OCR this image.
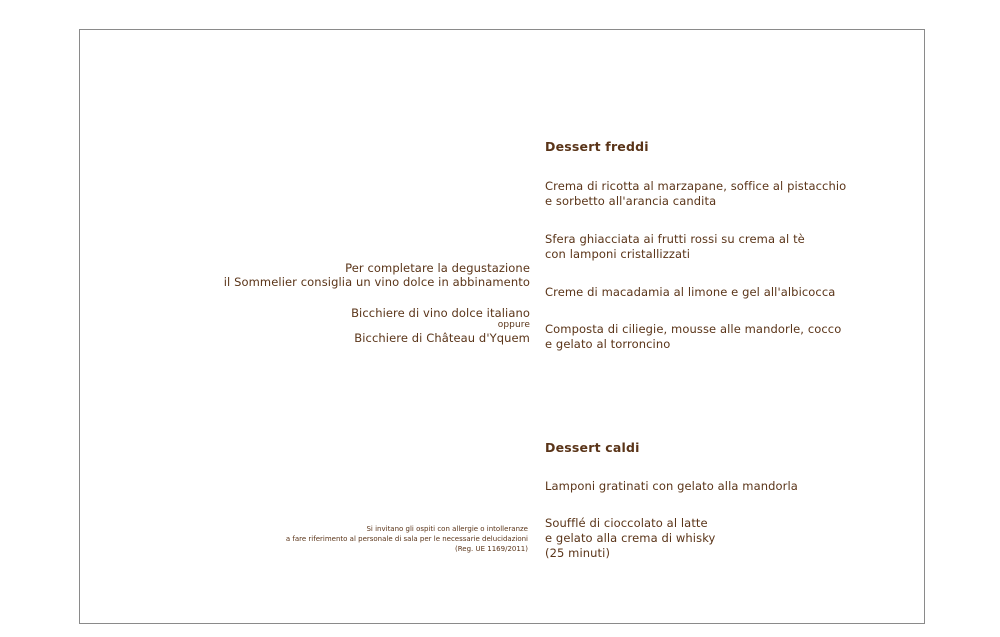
Per completare la degustazione
il Sommelier consiglia un vino dolce in abbinamento
Bicchiere di vino dolce italiano
oppure
Bicchiere di Château d'Yquem
Si invitano gli ospiti con allergie o intolleranze
a fare riferimento al personale di sala per le necessarie delucidazioni
(Reg. UE 1169/2011)
Dessert freddi
Crema di ricotta al marzapane, soffice al pistacchio
e sorbetto all'arancia candita
Sfera ghiacciata ai frutti rossi su crema al tè
con lamponi cristallizzati
Creme di macadamia al limone e gel all'albicocca
Composta di ciliegie, mousse alle mandorle, cocco
e gelato al torroncino
Dessert caldi
Lamponi gratinati con gelato alla mandorla
Soufflé di cioccolato al latte
e gelato alla crema di whisky
(25 minuti)
